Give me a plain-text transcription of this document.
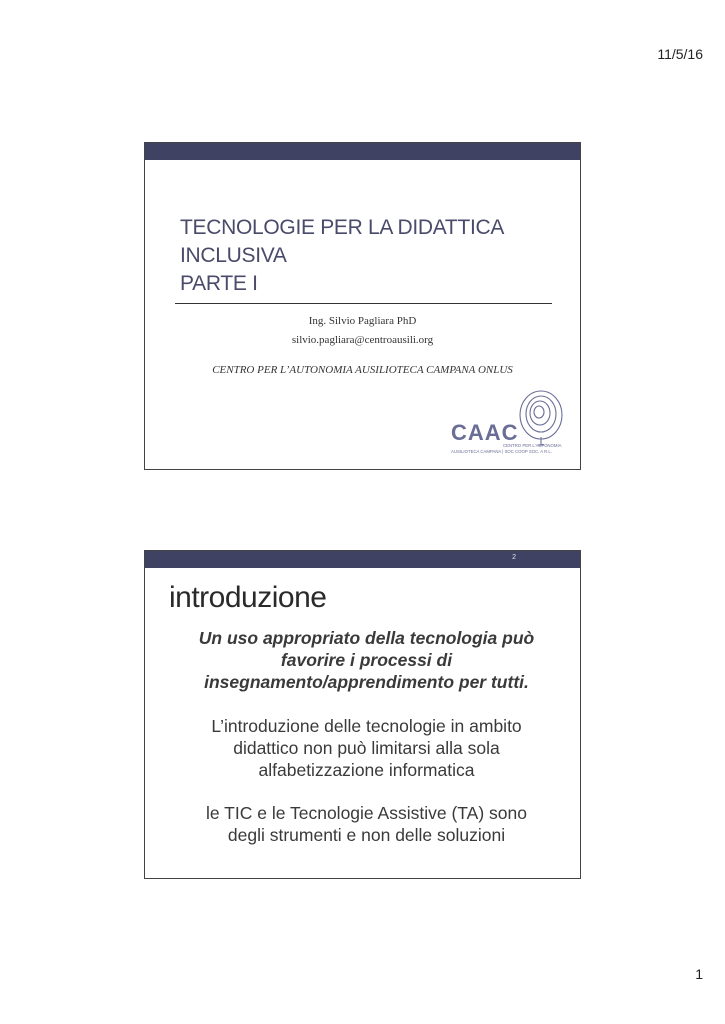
11/5/16
TECNOLOGIE PER LA DIDATTICA
INCLUSIVA
PARTE I
Ing. Silvio Pagliara PhD
silvio.pagliara@centroausili.org
CENTRO PER L’AUTONOMIA AUSILIOTECA CAMPANA ONLUS
CAAC
CENTRO PER L'AUTONOMIA
AUSILIOTECA CAMPANA | SOC COOP SOC. A R.L.
2
introduzione
Un uso appropriato della tecnologia può
favorire i processi di
insegnamento/apprendimento per tutti.
L’introduzione delle tecnologie in ambito
didattico non può limitarsi alla sola
alfabetizzazione informatica
le TIC e le Tecnologie Assistive (TA) sono
degli strumenti e non delle soluzioni
1
